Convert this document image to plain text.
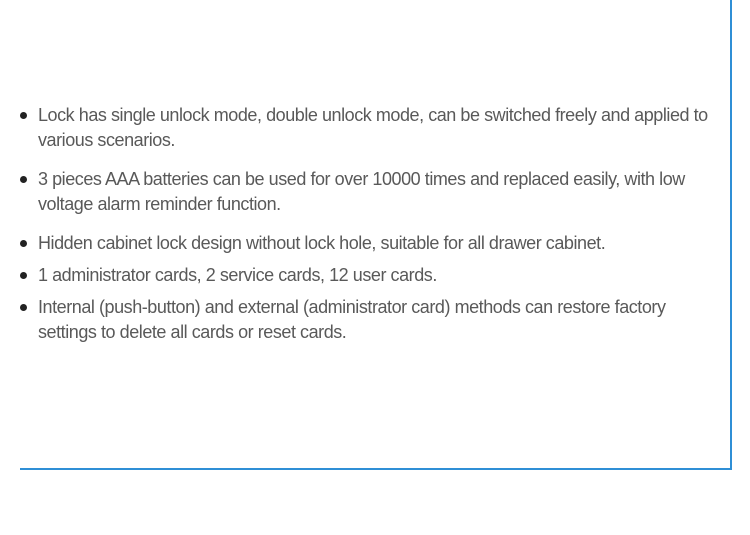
Lock has single unlock mode, double unlock mode, can be switched freely and applied to various scenarios.
3 pieces AAA batteries can be used for over 10000 times and replaced easily, with low voltage alarm reminder function.
Hidden cabinet lock design without lock hole, suitable for all drawer cabinet.
1 administrator cards, 2 service cards, 12 user cards.
Internal (push-button) and external (administrator card) methods can restore factory settings to delete all cards or reset cards.
